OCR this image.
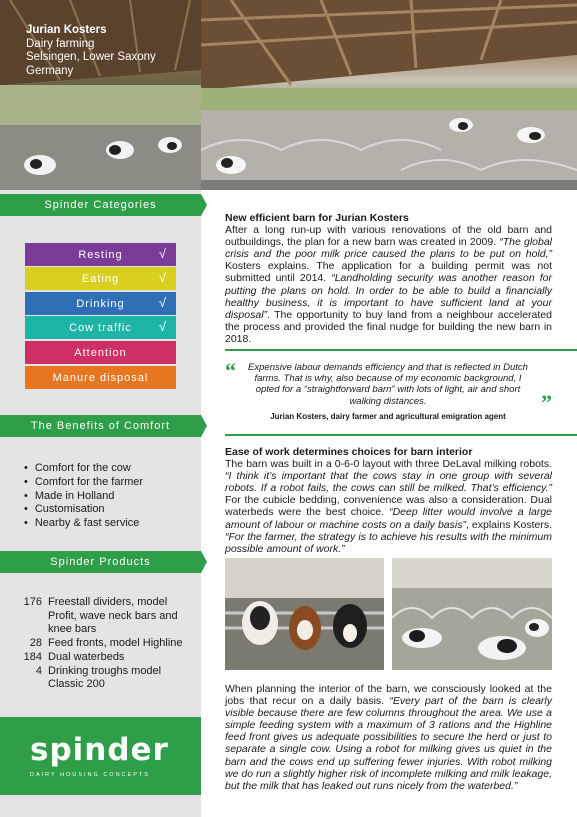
Jurian Kosters
Dairy farming
Selsingen, Lower Saxony
Germany
Spinder Categories
Resting	√
Eating	√
Drinking	√
Cow traffic √
Attention
Manure disposal
The Benefits of Comfort
• Comfort for the cow
• Comfort for the farmer
• Made in Holland
• Customisation
• Nearby & fast service
Spinder Products
176 Freestall dividers, model Profit, wave neck bars and knee bars
28 Feed fronts, model Highline
184 Dual waterbeds
4 Drinking troughs model Classic 200
spinder
DAIRY HOUSING CONCEPTS
New efficient barn for Jurian Kosters

After a long run-up with various renovations of the old barn and outbuildings, the plan for a new barn was created in 2009. “The global crisis and the poor milk price caused the plans to be put on hold,” Kosters explains. The application for a building permit was not submitted until 2014. “Landholding security was another reason for putting the plans on hold. In order to be able to build a financially healthy business, it is important to have sufficient land at your disposal”. The opportunity to buy land from a neighbour accelerated the process and provided the final nudge for building the new barn in 2018.

“	Expensive labour demands efficiency and that is reflected in Dutch farms. That is why, also because of my economic background, I opted for a “straightforward barn” with lots of light, air and short walking distances.
Jurian Kosters, dairy farmer and agricultural emigration agent
”
Ease of work determines choices for barn interior

The barn was built in a 0-6-0 layout with three DeLaval milking robots. “I think it’s important that the cows stay in one group with several robots. If a robot fails, the cows can still be milked. That’s efficiency.” For the cubicle bedding, convenience was also a consideration. Dual waterbeds were the best choice. “Deep litter would involve a large amount of labour or machine costs on a daily basis”, explains Kosters. “For the farmer, the strategy is to achieve his results with the minimum possible amount of work.”

When planning the interior of the barn, we consciously looked at the jobs that recur on a daily basis. “Every part of the barn is clearly visible because there are few columns throughout the area. We use a simple feeding system with a maximum of 3 rations and the Highline feed front gives us adequate possibilities to secure the herd or just to separate a single cow. Using a robot for milking gives us quiet in the barn and the cows end up suffering fewer injuries. With robot milking we do run a slightly higher risk of incomplete milking and milk leakage, but the milk that has leaked out runs nicely from the waterbed.”
